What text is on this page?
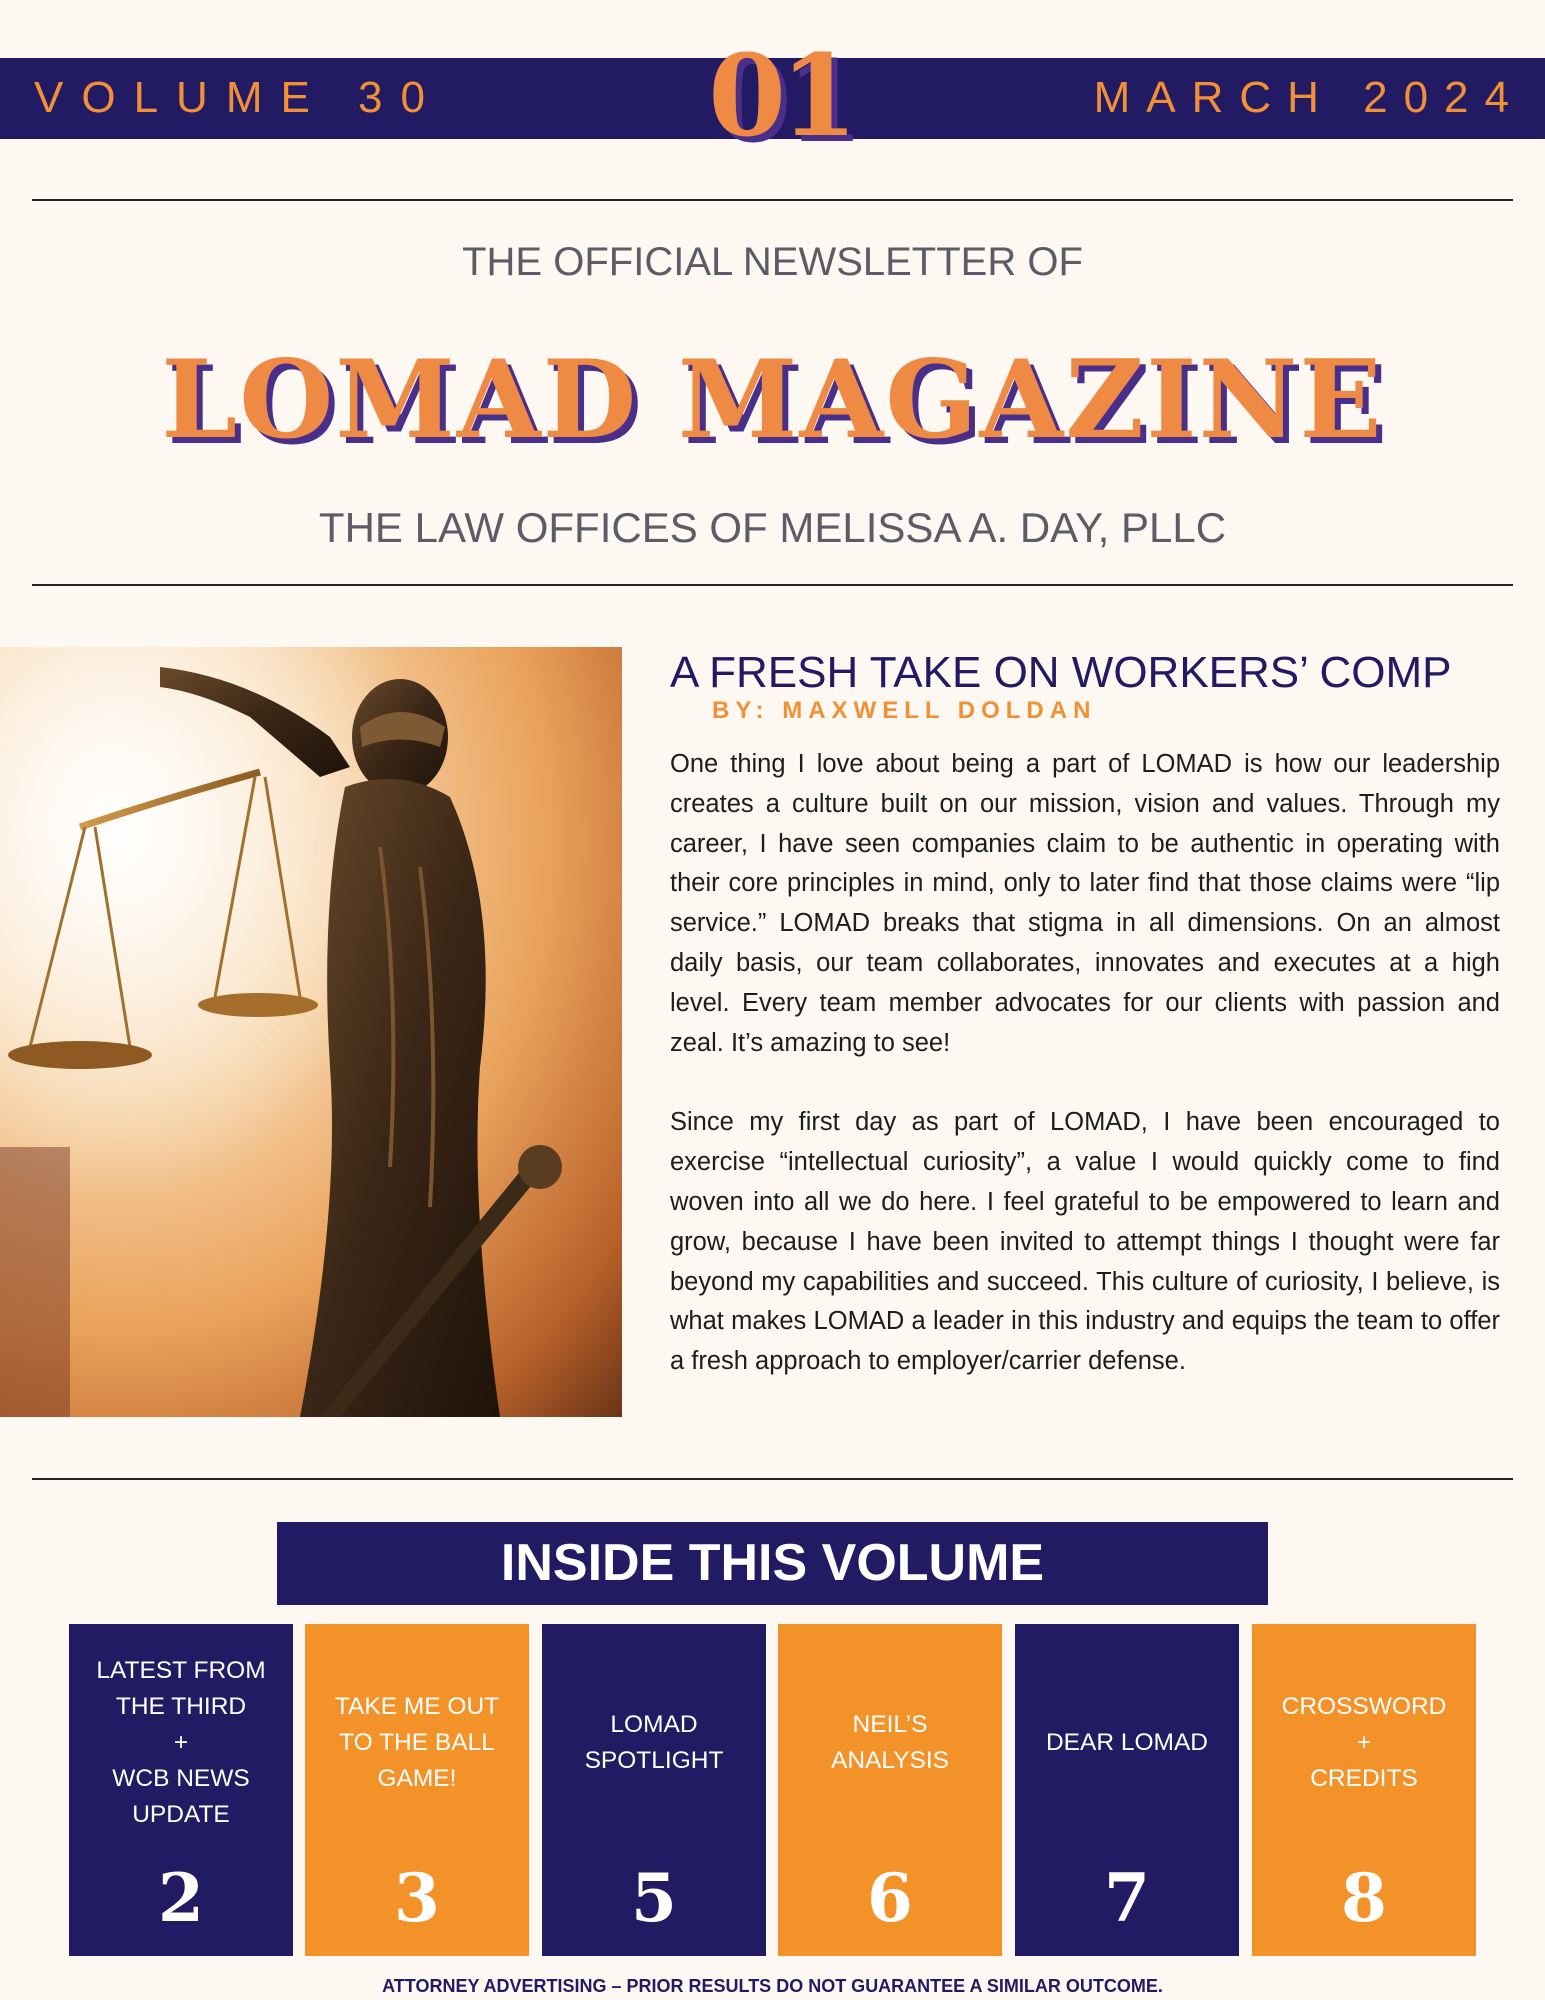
VOLUME 30	MARCH 2024
01
THE OFFICIAL NEWSLETTER OF
LOMAD MAGAZINE
THE LAW OFFICES OF MELISSA A. DAY, PLLC
A FRESH TAKE ON WORKERS’ COMP
BY: MAXWELL DOLDAN

One thing I love about being a part of LOMAD is how our leadership creates a culture built on our mission, vision and values. Through my career, I have seen companies claim to be authentic in operating with their core principles in mind, only to later find that those claims were “lip service.” LOMAD breaks that stigma in all dimensions. On an almost daily basis, our team collaborates, innovates and executes at a high level. Every team member advocates for our clients with passion and zeal. It’s amazing to see!

Since my first day as part of LOMAD, I have been encouraged to exercise “intellectual curiosity”, a value I would quickly come to find woven into all we do here. I feel grateful to be empowered to learn and grow, because I have been invited to attempt things I thought were far beyond my capabilities and succeed. This culture of curiosity, I believe, is what makes LOMAD a leader in this industry and equips the team to offer a fresh approach to employer/carrier defense.

INSIDE THIS VOLUME
LATEST FROM
THE THIRD
+
WCB NEWS
UPDATE
2
TAKE ME OUT
TO THE BALL
GAME!
3
LOMAD
SPOTLIGHT
5
NEIL’S
ANALYSIS
6
DEAR LOMAD
7
CROSSWORD
+
CREDITS
8
ATTORNEY ADVERTISING – PRIOR RESULTS DO NOT GUARANTEE A SIMILAR OUTCOME.
